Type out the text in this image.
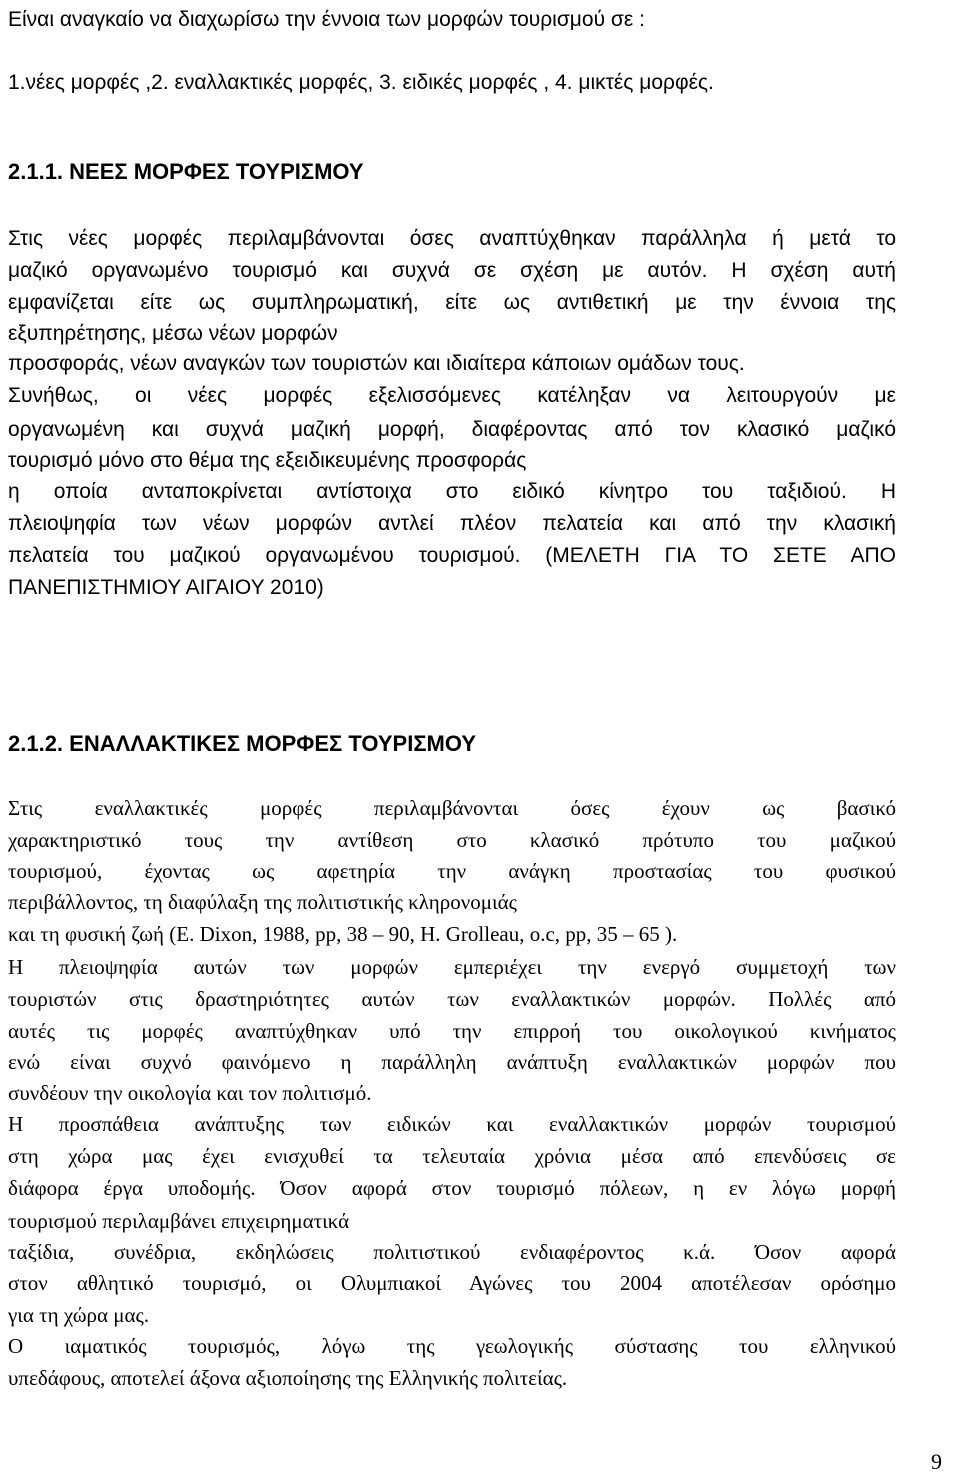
Είναι αναγκαίο να διαχωρίσω την έννοια των μορφών τουρισμού σε :

1.νέες μορφές ,2. εναλλακτικές μορφές, 3. ειδικές μορφές , 4. μικτές μορφές.

2.1.1. ΝΕΕΣ ΜΟΡΦΕΣ ΤΟΥΡΙΣΜΟΥ

Στις νέες μορφές περιλαμβάνονται όσες αναπτύχθηκαν παράλληλα ή μετά το

μαζικό οργανωμένο τουρισμό και συχνά σε σχέση με αυτόν. Η σχέση αυτή

εμφανίζεται είτε ως συμπληρωματική, είτε ως αντιθετική με την έννοια της

εξυπηρέτησης, μέσω νέων μορφών

προσφοράς, νέων αναγκών των τουριστών και ιδιαίτερα κάποιων ομάδων τους.

Συνήθως, οι νέες μορφές εξελισσόμενες κατέληξαν να λειτουργούν με

οργανωμένη και συχνά μαζική μορφή, διαφέροντας από τον κλασικό μαζικό

τουρισμό μόνο στο θέμα της εξειδικευμένης προσφοράς

η οποία ανταποκρίνεται αντίστοιχα στο ειδικό κίνητρο του ταξιδιού. Η

πλειοψηφία των νέων μορφών αντλεί πλέον πελατεία και από την κλασική

πελατεία του μαζικού οργανωμένου τουρισμού. (ΜΕΛΕΤΗ ΓΙΑ ΤΟ ΣΕΤΕ ΑΠΟ

ΠΑΝΕΠΙΣΤΗΜΙΟΥ ΑΙΓΑΙΟΥ 2010)

2.1.2. ΕΝΑΛΛΑΚΤΙΚΕΣ ΜΟΡΦΕΣ ΤΟΥΡΙΣΜΟΥ

Στις εναλλακτικές μορφές περιλαμβάνονται όσες έχουν ως βασικό

χαρακτηριστικό τους την αντίθεση στο κλασικό πρότυπο του μαζικού

τουρισμού, έχοντας ως αφετηρία την ανάγκη προστασίας του φυσικού

περιβάλλοντος, τη διαφύλαξη της πολιτιστικής κληρονομιάς

και τη φυσική ζωή (E. Dixon, 1988, pp, 38 – 90, H. Grolleau, o.c, pp, 35 – 65 ).

Η πλειοψηφία αυτών των μορφών εμπεριέχει την ενεργό συμμετοχή των

τουριστών στις δραστηριότητες αυτών των εναλλακτικών μορφών. Πολλές από

αυτές τις μορφές αναπτύχθηκαν υπό την επιρροή του οικολογικού κινήματος

ενώ είναι συχνό φαινόμενο η παράλληλη ανάπτυξη εναλλακτικών μορφών που

συνδέουν την οικολογία και τον πολιτισμό.

Η προσπάθεια ανάπτυξης των ειδικών και εναλλακτικών μορφών τουρισμού

στη χώρα μας έχει ενισχυθεί τα τελευταία χρόνια μέσα από επενδύσεις σε

διάφορα έργα υποδομής. Όσον αφορά στον τουρισμό πόλεων, η εν λόγω μορφή

τουρισμού περιλαμβάνει επιχειρηματικά

ταξίδια, συνέδρια, εκδηλώσεις πολιτιστικού ενδιαφέροντος κ.ά. Όσον αφορά

στον αθλητικό τουρισμό, οι Ολυμπιακοί Αγώνες του 2004 αποτέλεσαν ορόσημο

για τη χώρα μας.

Ο ιαματικός τουρισμός, λόγω της γεωλογικής σύστασης του ελληνικού

υπεδάφους, αποτελεί άξονα αξιοποίησης της Ελληνικής πολιτείας.

9
